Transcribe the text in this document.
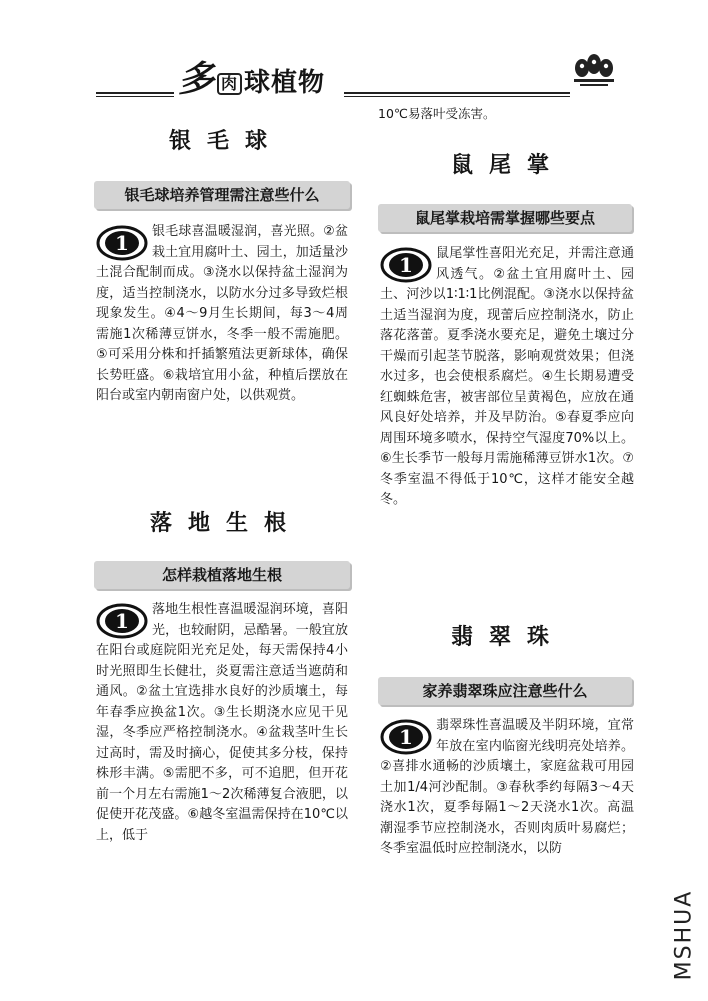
多 肉 球植物
银毛球
银毛球培养管理需注意些什么
1 银毛球喜温暖湿润，喜光照。②盆栽土宜用腐叶土、园土，加适量沙土混合配制而成。③浇水以保持盆土湿润为度，适当控制浇水，以防水分过多导致烂根现象发生。④4～9月生长期间，每3～4周需施1次稀薄豆饼水，冬季一般不需施肥。⑤可采用分株和扦插繁殖法更新球体，确保长势旺盛。⑥栽培宜用小盆，种植后摆放在阳台或室内朝南窗户处，以供观赏。
落地生根
怎样栽植落地生根
1 落地生根性喜温暖湿润环境，喜阳光，也较耐阴，忌酷暑。一般宜放在阳台或庭院阳光充足处，每天需保持4小时光照即生长健壮，炎夏需注意适当遮荫和通风。②盆土宜选排水良好的沙质壤土，每年春季应换盆1次。③生长期浇水应见干见湿，冬季应严格控制浇水。④盆栽茎叶生长过高时，需及时摘心，促使其多分枝，保持株形丰满。⑤需肥不多，可不追肥，但开花前一个月左右需施1～2次稀薄复合液肥，以促使开花茂盛。⑥越冬室温需保持在10℃以上，低于
10℃易落叶受冻害。
鼠尾掌
鼠尾掌栽培需掌握哪些要点
1 鼠尾掌性喜阳光充足，并需注意通风透气。②盆土宜用腐叶土、园土、河沙以1∶1∶1比例混配。③浇水以保持盆土适当湿润为度，现蕾后应控制浇水，防止落花落蕾。夏季浇水要充足，避免土壤过分干燥而引起茎节脱落，影响观赏效果；但浇水过多，也会使根系腐烂。④生长期易遭受红蜘蛛危害，被害部位呈黄褐色，应放在通风良好处培养，并及早防治。⑤春夏季应向周围环境多喷水，保持空气湿度70%以上。⑥生长季节一般每月需施稀薄豆饼水1次。⑦冬季室温不得低于10℃，这样才能安全越冬。
翡翠珠
家养翡翠珠应注意些什么
1 翡翠珠性喜温暖及半阴环境，宜常年放在室内临窗光线明亮处培养。②喜排水通畅的沙质壤土，家庭盆栽可用园土加1/4河沙配制。③春秋季约每隔3～4天浇水1次，夏季每隔1～2天浇水1次。高温潮湿季节应控制浇水，否则肉质叶易腐烂；冬季室温低时应控制浇水，以防
MSHUA
